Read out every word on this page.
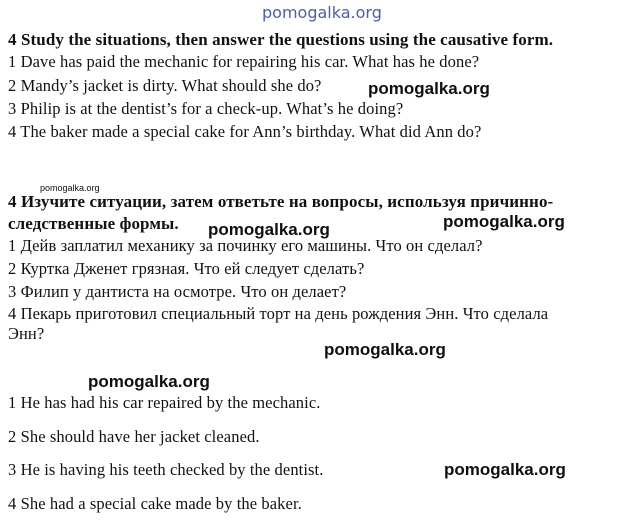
pomogalka.org
4 Study the situations, then answer the questions using the causative form.
1 Dave has paid the mechanic for repairing his car. What has he done?
2 Mandy’s jacket is dirty. What should she do?	pomogalka.org
3 Philip is at the dentist’s for a check-up. What’s he doing?
4 The baker made a special cake for Ann’s birthday. What did Ann do?
pomogalka.org
4 Изучите ситуации, затем ответьте на вопросы, используя причинно-
следственные формы. pomogalka.org	pomogalka.org
1 Дейв заплатил механику за починку его машины. Что он сделал?
2 Куртка Дженет грязная. Что ей следует сделать?
3 Филип у дантиста на осмотре. Что он делает?
4 Пекарь приготовил специальный торт на день рождения Энн. Что сделала
Энн?
pomogalka.org
pomogalka.org
1 He has had his car repaired by the mechanic.
2 She should have her jacket cleaned.
3 He is having his teeth checked by the dentist.	pomogalka.org
4 She had a special cake made by the baker.
